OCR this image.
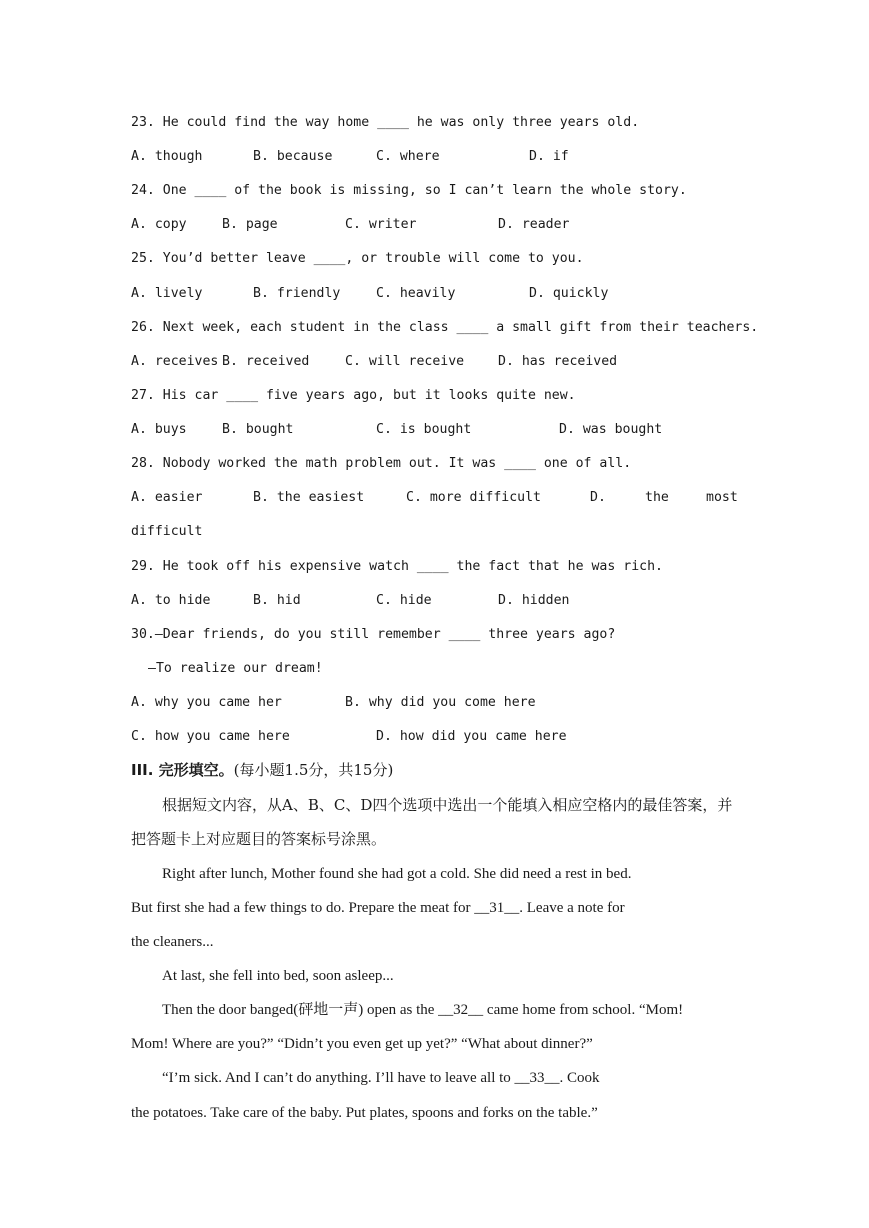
23. He could find the way home ____ he was only three years old.
A. though	B. because	C. where	D. if
24. One ____ of the book is missing, so I can’t learn the whole story.
A. copy	B. page	C. writer	D. reader
25. You’d better leave ____, or trouble will come to you.
A. lively	B. friendly	C. heavily	D. quickly
26. Next week, each student in the class ____ a small gift from their teachers.
A. receives B. received	C. will receive	D. has received
27. His car ____ five years ago, but it looks quite new.
A. buys	B. bought	C. is bought	D. was bought
28. Nobody worked the math problem out. It was ____ one of all.
A. easier	B. the easiest	C. more difficult	D.	the	most
difficult
29. He took off his expensive watch ____ the fact that he was rich.
A. to hide	B. hid	C. hide	D. hidden
30.—Dear friends, do you still remember ____ three years ago?
—To realize our dream!
A. why you came her	B. why did you come here
C. how you came here	D. how did you came here
III. 完形填空。(每小题1.5分，共15分)
根据短文内容，从A、B、C、D四个选项中选出一个能填入相应空格内的最佳答案，并
把答题卡上对应题目的答案标号涂黑。
Right after lunch, Mother found she had got a cold. She did need a rest in bed.
But first she had a few things to do. Prepare the meat for __31__. Leave a note for
the cleaners...
At last, she fell into bed, soon asleep...
Then the door banged(砰地一声) open as the __32__ came home from school. “Mom!
Mom! Where are you?” “Didn’t you even get up yet?” “What about dinner?”
“I’m sick. And I can’t do anything. I’ll have to leave all to __33__. Cook
the potatoes. Take care of the baby. Put plates, spoons and forks on the table.”
